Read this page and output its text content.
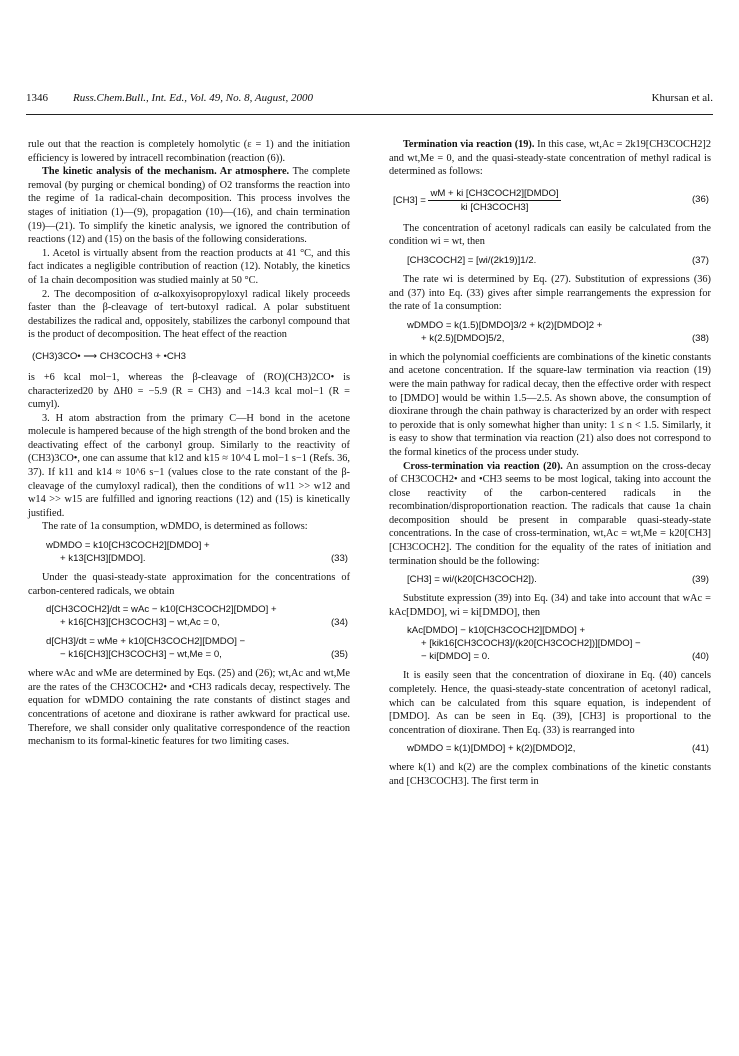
1346 Russ.Chem.Bull., Int. Ed., Vol. 49, No. 8, August, 2000	Khursan et al.

rule out that the reaction is completely homolytic (ε = 1) and the initiation efficiency is lowered by intracell recombination (reaction (6)).

The kinetic analysis of the mechanism. Ar atmosphere. The complete removal (by purging or chemical bonding) of O2 transforms the reaction into the regime of 1a radical-chain decomposition. This process involves the stages of initiation (1)—(9), propagation (10)—(16), and chain termination (19)—(21). To simplify the kinetic analysis, we ignored the contribution of reactions (12) and (15) on the basis of the following considerations.

1. Acetol is virtually absent from the reaction products at 41 °C, and this fact indicates a negligible contribution of reaction (12). Notably, the kinetics of 1a chain decomposition was studied mainly at 50 °C.

2. The decomposition of α-alkoxyisopropyloxyl radical likely proceeds faster than the β-cleavage of tert-butoxyl radical. A polar substituent destabilizes the radical and, oppositely, stabilizes the carbonyl compound that is the product of decomposition. The heat effect of the reaction

(CH3)3CO• ⟶ CH3COCH3 + •CH3

is +6 kcal mol−1, whereas the β-cleavage of (RO)(CH3)2CO• is characterized20 by ΔH0 = −5.9 (R = CH3) and −14.3 kcal mol−1 (R = cumyl).

3. H atom abstraction from the primary C—H bond in the acetone molecule is hampered because of the high strength of the bond broken and the deactivating effect of the carbonyl group. Similarly to the reactivity of (CH3)3CO•, one can assume that k12 and k15 ≈ 10^4 L mol−1 s−1 (Refs. 36, 37). If k11 and k14 ≈ 10^6 s−1 (values close to the rate constant of the β-cleavage of the cumyloxyl radical), then the conditions of w11 >> w12 and w14 >> w15 are fulfilled and ignoring reactions (12) and (15) is kinetically justified.

The rate of 1a consumption, wDMDO, is determined as follows:

wDMDO = k10[CH3COCH2][DMDO] +
+ k13[CH3][DMDO].	(33)

Under the quasi-steady-state approximation for the concentrations of carbon-centered radicals, we obtain

d[CH3COCH2]/dt = wAc − k10[CH3COCH2][DMDO] +
+ k16[CH3][CH3COCH3] − wt,Ac = 0,	(34)
d[CH3]/dt = wMe + k10[CH3COCH2][DMDO] −
− k16[CH3][CH3COCH3] − wt,Me = 0,	(35)

where wAc and wMe are determined by Eqs. (25) and (26); wt,Ac and wt,Me are the rates of the CH3COCH2• and •CH3 radicals decay, respectively. The equation for wDMDO containing the rate constants of distinct stages and concentrations of acetone and dioxirane is rather awkward for practical use. Therefore, we shall consider only qualitative correspondence of the reaction mechanism to its formal-kinetic features for two limiting cases.

Termination via reaction (19). In this case, wt,Ac = 2k19[CH3COCH2]2 and wt,Me = 0, and the quasi-steady-state concentration of methyl radical is determined as follows:

$[CH3] = \frac{\text{wM + ki [CH3COCH2][DMDO]}}{\text{ki [CH3COCH3]}}$	(36)

The concentration of acetonyl radicals can easily be calculated from the condition wi = wt, then

[CH3COCH2] = [wi/(2k19)]1/2.	(37)

The rate wi is determined by Eq. (27). Substitution of expressions (36) and (37) into Eq. (33) gives after simple rearrangements the expression for the rate of 1a consumption:

wDMDO = k(1.5)[DMDO]3/2 + k(2)[DMDO]2 +
+ k(2.5)[DMDO]5/2,	(38)

in which the polynomial coefficients are combinations of the kinetic constants and acetone concentration. If the square-law termination via reaction (19) were the main pathway for radical decay, then the effective order with respect to [DMDO] would be within 1.5—2.5. As shown above, the consumption of dioxirane through the chain pathway is characterized by an order with respect to peroxide that is only somewhat higher than unity: 1 ≤ n < 1.5. Similarly, it is easy to show that termination via reaction (21) also does not correspond to the formal kinetics of the process under study.

Cross-termination via reaction (20). An assumption on the cross-decay of CH3COCH2• and •CH3 seems to be most logical, taking into account the close reactivity of the carbon-centered radicals in the recombination/disproportionation reaction. The radicals that cause 1a chain decomposition should be present in comparable quasi-steady-state concentrations. In the case of cross-termination, wt,Ac = wt,Me = k20[CH3][CH3COCH2]. The condition for the equality of the rates of initiation and termination should be the following:

[CH3] = wi/(k20[CH3COCH2]).	(39)

Substitute expression (39) into Eq. (34) and take into account that wAc = kAc[DMDO], wi = ki[DMDO], then

kAc[DMDO] − k10[CH3COCH2][DMDO] +
+ [kik16[CH3COCH3]/(k20[CH3COCH2])][DMDO] −
− ki[DMDO] = 0.	(40)

It is easily seen that the concentration of dioxirane in Eq. (40) cancels completely. Hence, the quasi-steady-state concentration of acetonyl radical, which can be calculated from this square equation, is independent of [DMDO]. As can be seen in Eq. (39), [CH3] is proportional to the concentration of dioxirane. Then Eq. (33) is rearranged into

wDMDO = k(1)[DMDO] + k(2)[DMDO]2,	(41)

where k(1) and k(2) are the complex combinations of the kinetic constants and [CH3COCH3]. The first term in
